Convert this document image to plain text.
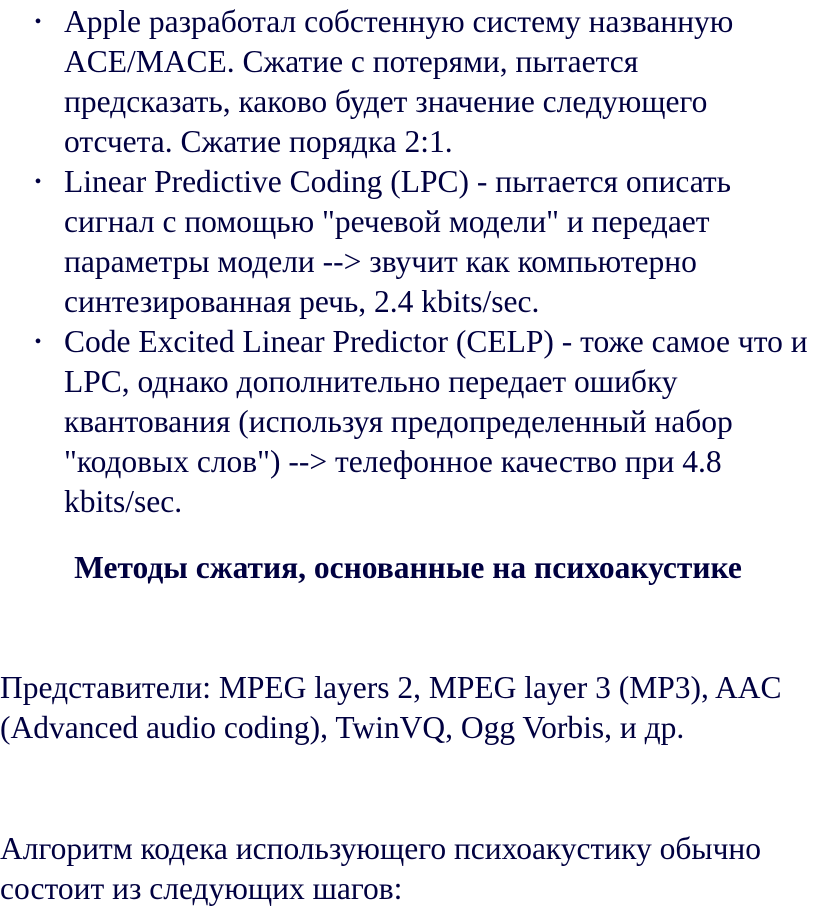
• Apple разработал собстенную систему названную ACE/MACE. Сжатие с потерями, пытается предсказать, каково будет значение следующего отсчета. Сжатие порядка 2:1.
• Linear Predictive Coding (LPC) - пытается описать сигнал с помощью "речевой модели" и передает параметры модели --> звучит как компьютерно синтезированная речь, 2.4 kbits/sec.
• Code Excited Linear Predictor (CELP) - тоже самое что и LPC, однако дополнительно передает ошибку квантования (используя предопределенный набор "кодовых слов") --> телефонное качество при 4.8 kbits/sec.
Методы сжатия, основанные на психоакустике

Представители: MPEG layers 2, MPEG layer 3 (MP3), AAC (Advanced audio coding), TwinVQ, Ogg Vorbis, и др.

Алгоритм кодека использующего психоакустику обычно состоит из следующих шагов:
